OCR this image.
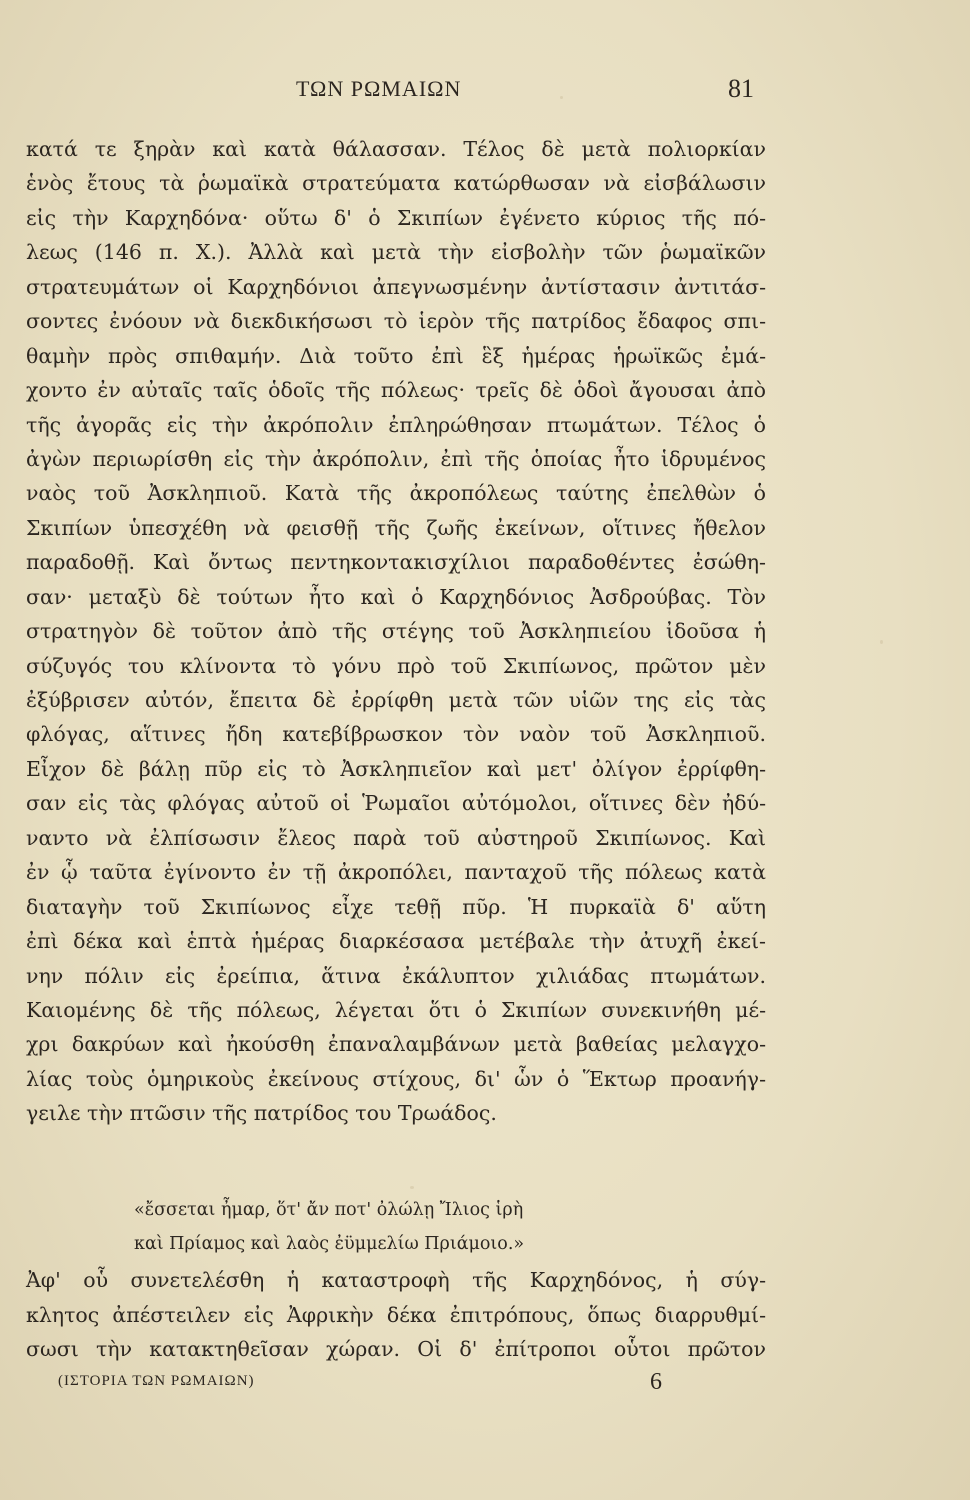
ΤΩΝ ΡΩΜΑΙΩΝ	81
κατά τε ξηρὰν καὶ κατὰ θάλασσαν. Τέλος δὲ μετὰ πολιορκίαν
ἑνὸς ἔτους τὰ ῥωμαϊκὰ στρατεύματα κατώρθωσαν νὰ εἰσβάλωσιν
εἰς τὴν Καρχηδόνα· οὕτω δ' ὁ Σκιπίων ἐγένετο κύριος τῆς πό-
λεως (146 π. Χ.). Ἀλλὰ καὶ μετὰ τὴν εἰσβολὴν τῶν ῥωμαϊκῶν
στρατευμάτων οἱ Καρχηδόνιοι ἀπεγνωσμένην ἀντίστασιν ἀντιτάσ-
σοντες ἐνόουν νὰ διεκδικήσωσι τὸ ἱερὸν τῆς πατρίδος ἔδαφος σπι-
θαμὴν πρὸς σπιθαμήν. Διὰ τοῦτο ἐπὶ ἓξ ἡμέρας ἡρωϊκῶς ἐμά-
χοντο ἐν αὐταῖς ταῖς ὁδοῖς τῆς πόλεως· τρεῖς δὲ ὁδοὶ ἄγουσαι ἀπὸ
τῆς ἀγορᾶς εἰς τὴν ἀκρόπολιν ἐπληρώθησαν πτωμάτων. Τέλος ὁ
ἀγὼν περιωρίσθη εἰς τὴν ἀκρόπολιν, ἐπὶ τῆς ὁποίας ἦτο ἱδρυμένος
ναὸς τοῦ Ἀσκληπιοῦ. Κατὰ τῆς ἀκροπόλεως ταύτης ἐπελθὼν ὁ
Σκιπίων ὑπεσχέθη νὰ φεισθῇ τῆς ζωῆς ἐκείνων, οἵτινες ἤθελον
παραδοθῇ. Καὶ ὄντως πεντηκοντακισχίλιοι παραδοθέντες ἐσώθη-
σαν· μεταξὺ δὲ τούτων ἦτο καὶ ὁ Καρχηδόνιος Ἀσδρούβας. Τὸν
στρατηγὸν δὲ τοῦτον ἀπὸ τῆς στέγης τοῦ Ἀσκληπιείου ἰδοῦσα ἡ
σύζυγός του κλίνοντα τὸ γόνυ πρὸ τοῦ Σκιπίωνος, πρῶτον μὲν
ἐξύβρισεν αὐτόν, ἔπειτα δὲ ἐρρίφθη μετὰ τῶν υἱῶν της εἰς τὰς
φλόγας, αἵτινες ἤδη κατεβίβρωσκον τὸν ναὸν τοῦ Ἀσκληπιοῦ.
Εἶχον δὲ βάλῃ πῦρ εἰς τὸ Ἀσκληπιεῖον καὶ μετ' ὀλίγον ἐρρίφθη-
σαν εἰς τὰς φλόγας αὐτοῦ οἱ Ῥωμαῖοι αὐτόμολοι, οἵτινες δὲν ἠδύ-
ναντο νὰ ἐλπίσωσιν ἔλεος παρὰ τοῦ αὐστηροῦ Σκιπίωνος. Καὶ
ἐν ᾧ ταῦτα ἐγίνοντο ἐν τῇ ἀκροπόλει, πανταχοῦ τῆς πόλεως κατὰ
διαταγὴν τοῦ Σκιπίωνος εἶχε τεθῇ πῦρ. Ἡ πυρκαϊὰ δ' αὕτη
ἐπὶ δέκα καὶ ἑπτὰ ἡμέρας διαρκέσασα μετέβαλε τὴν ἀτυχῆ ἐκεί-
νην πόλιν εἰς ἐρείπια, ἅτινα ἐκάλυπτον χιλιάδας πτωμάτων.
Καιομένης δὲ τῆς πόλεως, λέγεται ὅτι ὁ Σκιπίων συνεκινήθη μέ-
χρι δακρύων καὶ ἠκούσθη ἐπαναλαμβάνων μετὰ βαθείας μελαγχο-
λίας τοὺς ὁμηρικοὺς ἐκείνους στίχους, δι' ὧν ὁ Ἕκτωρ προανήγ-
γειλε τὴν πτῶσιν τῆς πατρίδος του Τρωάδος.
«ἔσσεται ἦμαρ, ὅτ' ἄν ποτ' ὀλώλῃ Ἴλιος ἱρὴ
καὶ Πρίαμος καὶ λαὸς ἐϋμμελίω Πριάμοιο.»
Ἀφ' οὗ συνετελέσθη ἡ καταστροφὴ τῆς Καρχηδόνος, ἡ σύγ-
κλητος ἀπέστειλεν εἰς Ἀφρικὴν δέκα ἐπιτρόπους, ὅπως διαρρυθμί-
σωσι τὴν κατακτηθεῖσαν χώραν. Οἱ δ' ἐπίτροποι οὗτοι πρῶτον
(ΙΣΤΟΡΙΑ ΤΩΝ ΡΩΜΑΙΩΝ)	6
